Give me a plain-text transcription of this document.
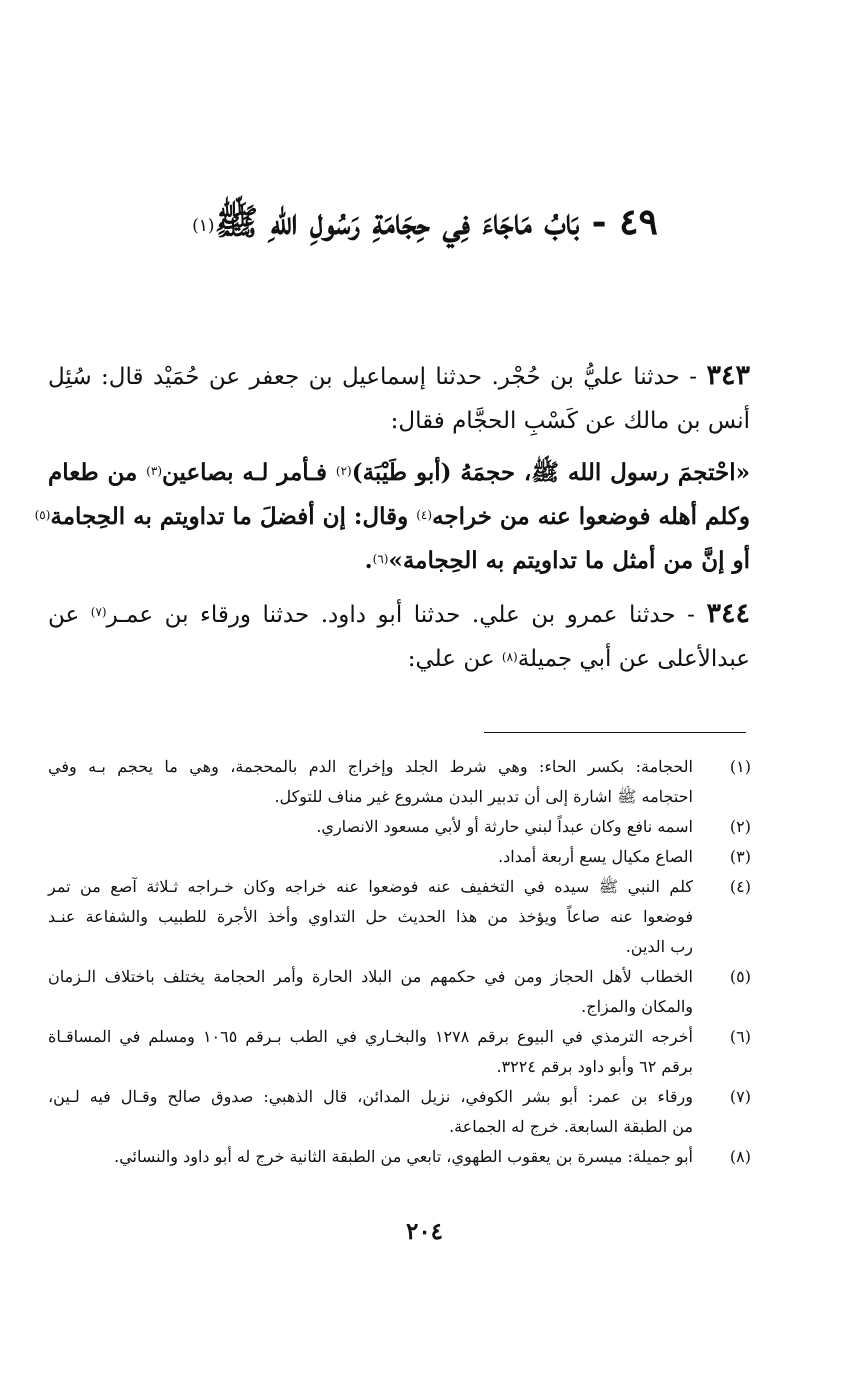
٤٩ - بَابُ مَاجَاءَ فِي حِجَامَةِ رَسُولِ اللهِ ﷺ$^{(١)}$
٣٤٣ - حدثنا عليُّ بن حُجْر. حدثنا إسماعيل بن جعفر عن حُمَيْد قال: سُئِل
أنس بن مالك عن كَسْبِ الحجَّام فقال:
«احْتجمَ رسول الله ﷺ، حجمَهُ (أبو طَيْبَة)$^{(٢)}$ فـأمر لـه بصاعين$^{(٣)}$ من طعام
وكلم أهله فوضعوا عنه من خراجه$^{(٤)}$ وقال: إن أفضلَ ما تداويتم به الحِجامة$^{(٥)}$
أو إنَّ من أمثل ما تداويتم به الحِجامة»$^{(٦)}$.
٣٤٤ - حدثنا عمرو بن علي. حدثنا أبو داود. حدثنا ورقاء بن عمـر$^{(٧)}$ عن
عبدالأعلى عن أبي جميلة$^{(٨)}$ عن علي:
(١)
الحجامة: بكسر الحاء: وهي شرط الجلد وإخراج الدم بالمحجمة، وهي ما يحجم بـه وفي
احتجامه ﷺ اشارة إلى أن تدبير البدن مشروع غير مناف للتوكل.
(٢)
اسمه نافع وكان عبداً لبني حارثة أو لأبي مسعود الانصاري.
(٣)
الصاع مكيال يسع أربعة أمداد.
(٤)
كلم النبي ﷺ سيده في التخفيف عنه فوضعوا عنه خراجه وكان خـراجه ثـلاثة آصع من تمر
فوضعوا عنه صاعاً ويؤخذ من هذا الحديث حل التداوي وأخذ الأجرة للطبيب والشفاعة عنـد
رب الدين.
(٥)
الخطاب لأهل الحجاز ومن في حكمهم من البلاد الحارة وأمر الحجامة يختلف باختلاف الـزمان
والمكان والمزاج.
(٦)
أخرجه الترمذي في البيوع برقم ١٢٧٨ والبخـاري في الطب بـرقم ١٠٦٥ ومسلم في المساقـاة
برقم ٦٢ وأبو داود برقم ٣٢٢٤.
(٧)
ورقاء بن عمر: أبو بشر الكوفي، نزيل المدائن، قال الذهبي: صدوق صالح وقـال فيه لـين،
من الطبقة السابعة. خرج له الجماعة.
(٨)
أبو جميلة: ميسرة بن يعقوب الطهوي، تابعي من الطبقة الثانية خرج له أبو داود والنسائي.
٢٠٤
